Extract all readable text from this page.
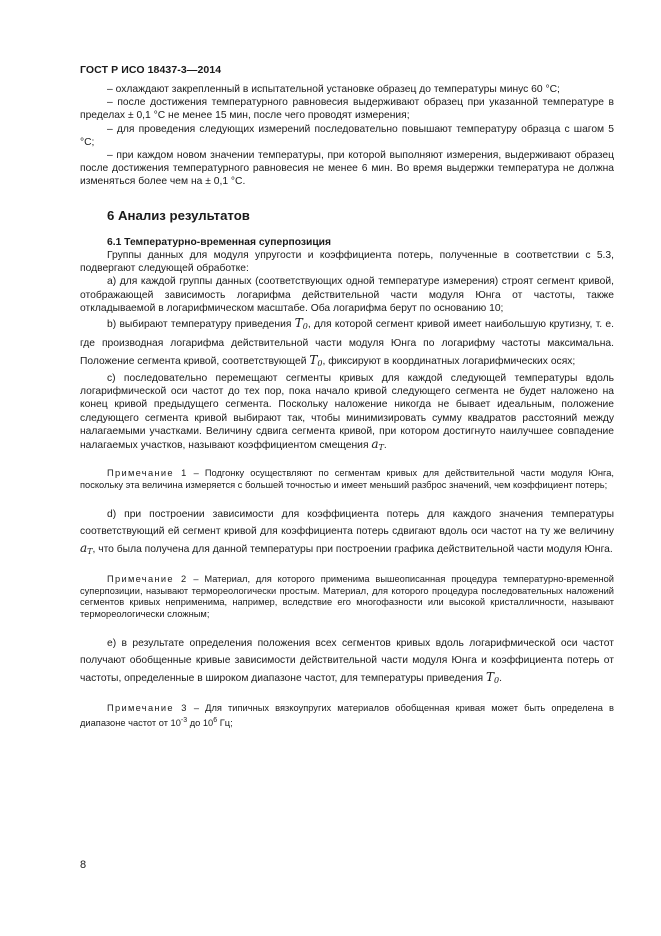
ГОСТ Р ИСО 18437-3—2014

– охлаждают закрепленный в испытательной установке образец до температуры минус 60 °С;

– после достижения температурного равновесия выдерживают образец при указанной температуре в пределах ± 0,1 °С не менее 15 мин, после чего проводят измерения;

– для проведения следующих измерений последовательно повышают температуру образца с шагом 5 °С;

– при каждом новом значении температуры, при которой выполняют измерения, выдерживают образец после достижения температурного равновесия не менее 6 мин. Во время выдержки температура не должна изменяться более чем на ± 0,1 °С.

6 Анализ результатов
6.1 Температурно-временная суперпозиция

Группы данных для модуля упругости и коэффициента потерь, полученные в соответствии с 5.3, подвергают следующей обработке:

а) для каждой группы данных (соответствующих одной температуре измерения) строят сегмент кривой, отображающей зависимость логарифма действительной части модуля Юнга от частоты, также откладываемой в логарифмическом масштабе. Оба логарифма берут по основанию 10;

b) выбирают температуру приведения $T_0$, для которой сегмент кривой имеет наибольшую крутизну, т. е. где производная логарифма действительной части модуля Юнга по логарифму частоты максимальна. Положение сегмента кривой, соответствующей $T_0$, фиксируют в координатных логарифмических осях;

с) последовательно перемещают сегменты кривых для каждой следующей температуры вдоль логарифмической оси частот до тех пор, пока начало кривой следующего сегмента не будет наложено на конец кривой предыдущего сегмента. Поскольку наложение никогда не бывает идеальным, положение следующего сегмента кривой выбирают так, чтобы минимизировать сумму квадратов расстояний между налагаемыми участками. Величину сдвига сегмента кривой, при котором достигнуто наилучшее совпадение налагаемых участков, называют коэффициентом смещения $a_T$.

Примечание 1 – Подгонку осуществляют по сегментам кривых для действительной части модуля Юнга, поскольку эта величина измеряется с большей точностью и имеет меньший разброс значений, чем коэффициент потерь;

d) при построении зависимости для коэффициента потерь для каждого значения температуры соответствующий ей сегмент кривой для коэффициента потерь сдвигают вдоль оси частот на ту же величину $a_T$, что была получена для данной температуры при построении графика действительной части модуля Юнга.

Примечание 2 – Материал, для которого применима вышеописанная процедура температурно-временной суперпозиции, называют термореологически простым. Материал, для которого процедура последовательных наложений сегментов кривых неприменима, например, вследствие его многофазности или высокой кристалличности, называют термореологически сложным;

е) в результате определения положения всех сегментов кривых вдоль логарифмической оси частот получают обобщенные кривые зависимости действительной части модуля Юнга и коэффициента потерь от частоты, определенные в широком диапазоне частот, для температуры приведения $T_0$.

Примечание 3 – Для типичных вязкоупругих материалов обобщенная кривая может быть определена в диапазоне частот от $10^{-3}$ до $10^6$ Гц;

8
